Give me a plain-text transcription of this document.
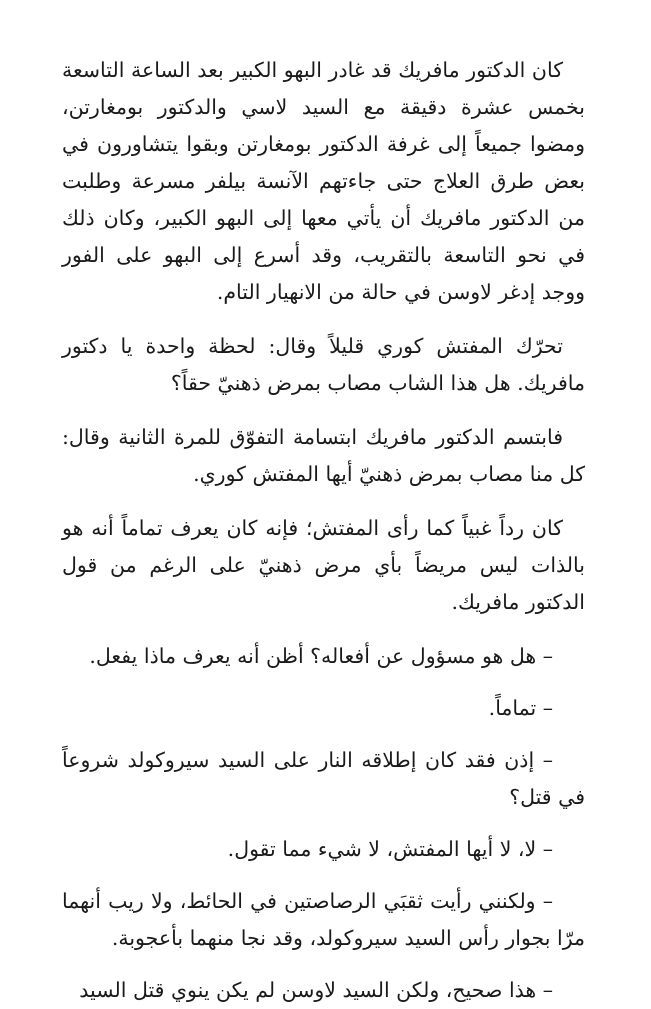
كان الدكتور مافريك قد غادر البهو الكبير بعد الساعة التاسعة بخمس عشرة دقيقة مع السيد لاسي والدكتور بومغارتن، ومضوا جميعاً إلى غرفة الدكتور بومغارتن وبقوا يتشاورون في بعض طرق العلاج حتى جاءتهم الآنسة بيلفر مسرعة وطلبت من الدكتور مافريك أن يأتي معها إلى البهو الكبير، وكان ذلك في نحو التاسعة بالتقريب، وقد أسرع إلى البهو على الفور ووجد إدغر لاوسن في حالة من الانهيار التام.

تحرّك المفتش كوري قليلاً وقال: لحظة واحدة يا دكتور مافريك. هل هذا الشاب مصاب بمرض ذهنيّ حقاً؟

فابتسم الدكتور مافريك ابتسامة التفوّق للمرة الثانية وقال: كل منا مصاب بمرض ذهنيّ أيها المفتش كوري.

كان رداً غبياً كما رأى المفتش؛ فإنه كان يعرف تماماً أنه هو بالذات ليس مريضاً بأي مرض ذهنيّ على الرغم من قول الدكتور مافريك.

– هل هو مسؤول عن أفعاله؟ أظن أنه يعرف ماذا يفعل.

– تماماً.

– إذن فقد كان إطلاقه النار على السيد سيروكولد شروعاً في قتل؟

– لا، لا أيها المفتش، لا شيء مما تقول.

– ولكنني رأيت ثقبَي الرصاصتين في الحائط، ولا ريب أنهما مرّا بجوار رأس السيد سيروكولد، وقد نجا منهما بأعجوبة.

– هذا صحيح، ولكن السيد لاوسن لم يكن ينوي قتل السيد
